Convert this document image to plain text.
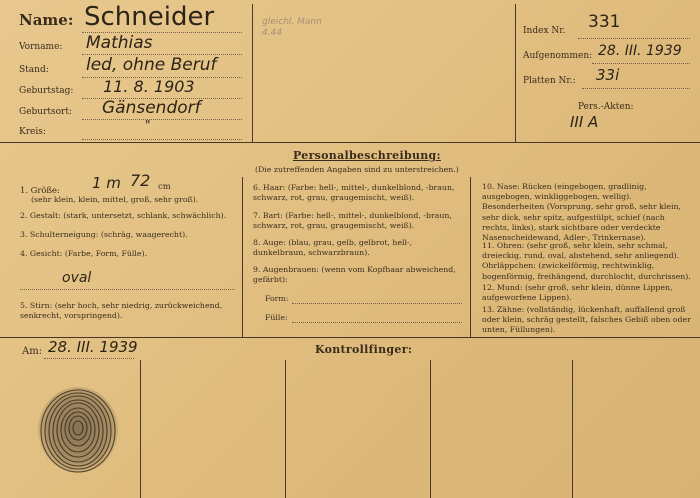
Name: Schneider
Vorname: Mathias
Stand: led, ohne Beruf
Geburtstag: 11. 8. 1903
Geburtsort: Gänsendorf
Kreis:	"
gleichl. Mann 4.44	Index Nr. 331
Aufgenommen: 28. III. 1939
Platten Nr.: 33i
Pers.-Akten:
III A
Personalbeschreibung:
(Die zutreffenden Angaben sind zu unterstreichen.)
1. Größe: 1 m 72 cm
(sehr klein, klein, mittel, groß, sehr groß).
2. Gestalt: (stark, untersetzt, schlank, schwächlich).
3. Schulterneigung: (schräg, waagerecht).
4. Gesicht: (Farbe, Form, Fülle).
oval
5. Stirn: (sehr hoch, sehr niedrig, zurückweichend, senkrecht, vorspringend).
6. Haar: (Farbe: hell-, mittel-, dunkelblond, -braun, schwarz, rot, grau, graugemischt, weiß).
7. Bart: (Farbe: hell-, mittel-, dunkelblond, -braun, schwarz, rot, grau, graugemischt, weiß).
8. Auge: (blau, grau, gelb, gelbrot, hell-, dunkelbraun, schwarzbraun).
9. Augenbrauen: (wenn vom Kopfhaar abweichend, gefärbt):
Form:
Fülle:
10. Nase: Rücken (eingebogen, gradlinig, ausgebogen, winkliggebogen, wellig). Besonderheiten (Vorsprung, sehr groß, sehr klein, sehr dick, sehr spitz, aufgestülpt, schief (nach rechts, links), stark sichtbare oder verdeckte Nasenscheidewand, Adler-, Trinkernase).
11. Ohren: (sehr groß, sehr klein, sehr schmal, dreieckig, rund, oval, abstehend, sehr anliegend). Ohrläppchen: (zwickelförmig, rechtwinklig, bogenförmig, freihängend, durchlocht, durchrissen).
12. Mund: (sehr groß, sehr klein, dünne Lippen, aufgeworfene Lippen).
13. Zähne: (vollständig, lückenhaft, auffallend groß oder klein, schräg gestellt, falsches Gebiß oben oder unten, Füllungen).
Am: 28. III. 1939	Kontrollfinger:
